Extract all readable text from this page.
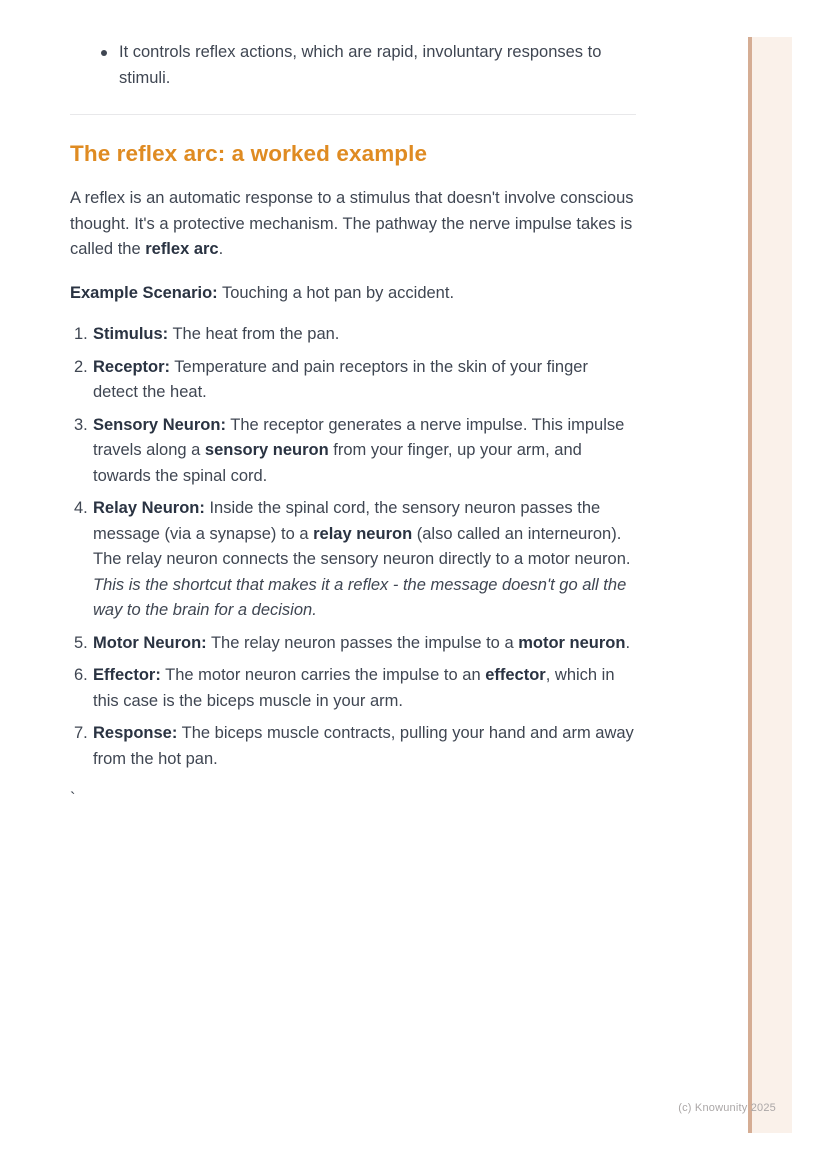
It controls reflex actions, which are rapid, involuntary responses to stimuli.
The reflex arc: a worked example

A reflex is an automatic response to a stimulus that doesn't involve conscious thought. It's a protective mechanism. The pathway the nerve impulse takes is called the reflex arc.

Example Scenario: Touching a hot pan by accident.

1. Stimulus: The heat from the pan.
2. Receptor: Temperature and pain receptors in the skin of your finger detect the heat.
3. Sensory Neuron: The receptor generates a nerve impulse. This impulse travels along a sensory neuron from your finger, up your arm, and towards the spinal cord.
4. Relay Neuron: Inside the spinal cord, the sensory neuron passes the message (via a synapse) to a relay neuron (also called an interneuron). The relay neuron connects the sensory neuron directly to a motor neuron. This is the shortcut that makes it a reflex - the message doesn't go all the way to the brain for a decision.
5. Motor Neuron: The relay neuron passes the impulse to a motor neuron.
6. Effector: The motor neuron carries the impulse to an effector, which in this case is the biceps muscle in your arm.
7. Response: The biceps muscle contracts, pulling your hand and arm away from the hot pan.

`

(c) Knowunity 2025
